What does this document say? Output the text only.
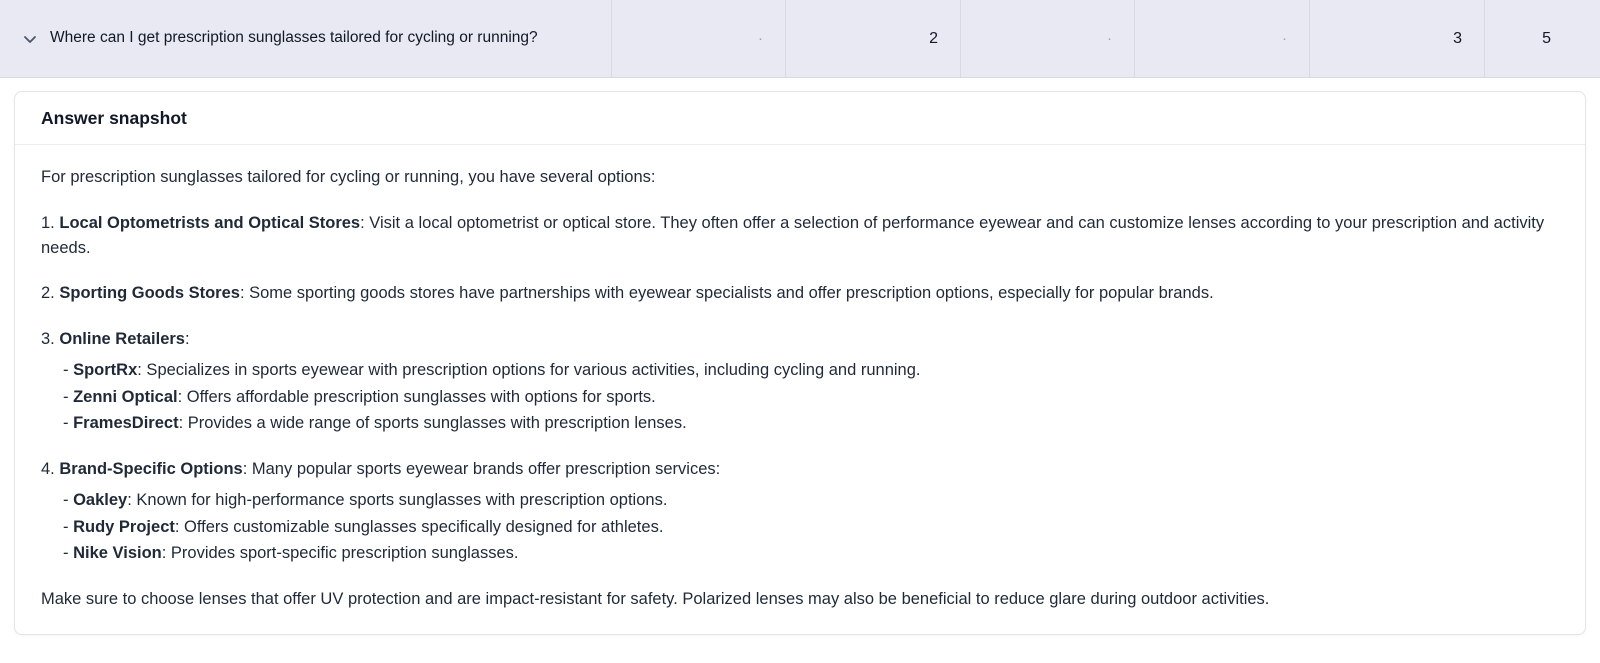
Where can I get prescription sunglasses tailored for cycling or running?	·	2	·	·	3	5
Answer snapshot

For prescription sunglasses tailored for cycling or running, you have several options:

1. Local Optometrists and Optical Stores: Visit a local optometrist or optical store. They often offer a selection of performance eyewear and can customize lenses according to your prescription and activity needs.

2. Sporting Goods Stores: Some sporting goods stores have partnerships with eyewear specialists and offer prescription options, especially for popular brands.

3. Online Retailers:

- SportRx: Specializes in sports eyewear with prescription options for various activities, including cycling and running.

- Zenni Optical: Offers affordable prescription sunglasses with options for sports.

- FramesDirect: Provides a wide range of sports sunglasses with prescription lenses.

4. Brand-Specific Options: Many popular sports eyewear brands offer prescription services:

- Oakley: Known for high-performance sports sunglasses with prescription options.

- Rudy Project: Offers customizable sunglasses specifically designed for athletes.

- Nike Vision: Provides sport-specific prescription sunglasses.

Make sure to choose lenses that offer UV protection and are impact-resistant for safety. Polarized lenses may also be beneficial to reduce glare during outdoor activities.
